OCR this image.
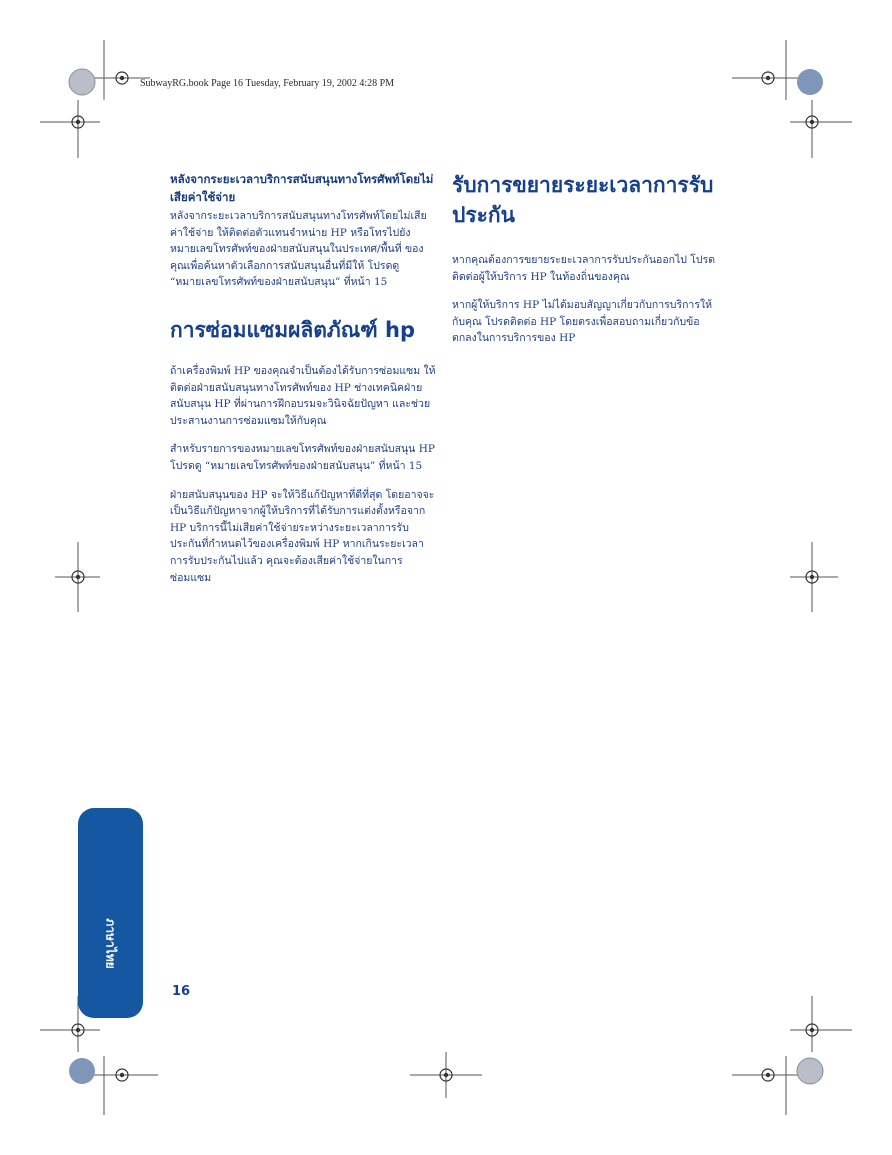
SubwayRG.book Page 16 Tuesday, February 19, 2002 4:28 PM

หลังจากระยะเวลาบริการสนับสนุนทางโทรศัพท์โดยไม่เสียค่าใช้จ่าย

หลังจากระยะเวลาบริการสนับสนุนทางโทรศัพท์โดยไม่เสียค่าใช้จ่าย ให้ติดต่อตัวแทนจำหน่าย HP หรือโทรไปยังหมายเลขโทรศัพท์ของฝ่ายสนับสนุนในประเทศ/พื้นที่ ของคุณเพื่อค้นหาตัวเลือกการสนับสนุนอื่นที่มีให้ โปรดดู “หมายเลขโทรศัพท์ของฝ่ายสนับสนุน” ที่หน้า 15

การซ่อมแซมผลิตภัณฑ์ hp

ถ้าเครื่องพิมพ์ HP ของคุณจำเป็นต้องได้รับการซ่อมแซม ให้ติดต่อฝ่ายสนับสนุนทางโทรศัพท์ของ HP ช่างเทคนิคฝ่ายสนับสนุน HP ที่ผ่านการฝึกอบรมจะวินิจฉัยปัญหา และช่วยประสานงานการซ่อมแซมให้กับคุณ

สำหรับรายการของหมายเลขโทรศัพท์ของฝ่ายสนับสนุน HP โปรดดู “หมายเลขโทรศัพท์ของฝ่ายสนับสนุน” ที่หน้า 15

ฝ่ายสนับสนุนของ HP จะให้วิธีแก้ปัญหาที่ดีที่สุด โดยอาจจะเป็นวิธีแก้ปัญหาจากผู้ให้บริการที่ได้รับการแต่งตั้งหรือจาก HP บริการนี้ไม่เสียค่าใช้จ่ายระหว่างระยะเวลาการรับประกันที่กำหนดไว้ของเครื่องพิมพ์ HP หากเกินระยะเวลาการรับประกันไปแล้ว คุณจะต้องเสียค่าใช้จ่ายในการซ่อมแซม

รับการขยายระยะเวลาการรับประกัน

หากคุณต้องการขยายระยะเวลาการรับประกันออกไป โปรดติดต่อผู้ให้บริการ HP ในท้องถิ่นของคุณ

หากผู้ให้บริการ HP ไม่ได้มอบสัญญาเกี่ยวกับการบริการให้กับคุณ โปรดติดต่อ HP โดยตรงเพื่อสอบถามเกี่ยวกับข้อตกลงในการบริการของ HP

ภาษาไทย
16
